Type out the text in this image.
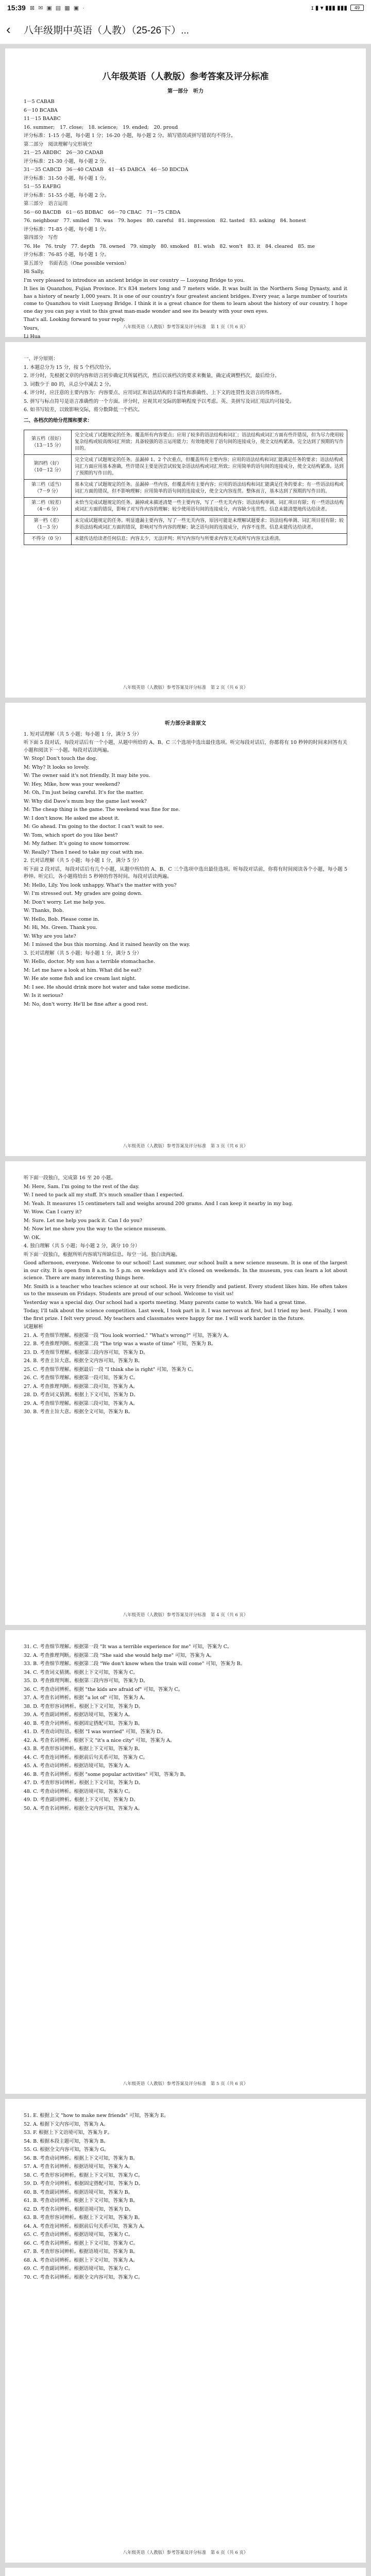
15:39 ⊠ ✉ ▣ ▤ ▦ ▣ ·	ɪ ▮ ▾ ▮▮▮ ▮▮▮	49
‹	八年级期中英语（人教）（25-26下）...
八年级英语（人教版）参考答案及评分标准
第一部分　听力

1－5 CABAB

6－10 BCABA

11－15 BAABC

16. summer;　17. close;　18. science;　19. ended;　20. proud

评分标准：1-15 小题，每小题 1 分；16-20 小题，每小题 2 分。填写错误或拼写错误均不得分。

第二部分　阅读理解与完形填空

21－25 ABDBC　26－30 CADAB

评分标准：21-30 小题，每小题 2 分。

31－35 CABCD　36－40 CADAB　41－45 DABCA　46－50 BDCDA

评分标准：31-50 小题，每小题 1 分。

51－55 EAFBG

评分标准：51-55 小题，每小题 2 分。

第三部分　语言运用

56－60 BACDB　61－65 BDBAC　66－70 CBAC　71－75 CBDA

76. neighbour　77. smiled　78. was　79. hopes　80. careful　81. impression　82. tasted　83. asking　84. honest

评分标准：71-85 小题，每小题 1 分。

第四部分　写作

76. He　76. truly　77. depth　78. owned　79. simply　80. smoked　81. wish　82. won't　83. it　84. cleared　85. me

评分标准：76-85 小题，每小题 1 分。

第五部分　书面表达（One possible version）

Hi Sally,

I'm very pleased to introduce an ancient bridge in our country — Luoyang Bridge to you.

It lies in Quanzhou, Fujian Province. It's 834 meters long and 7 meters wide. It was built in the Northern Song Dynasty, and it has a history of nearly 1,000 years. It is one of our country's four greatest ancient bridges. Every year, a large number of tourists come to Quanzhou to visit Luoyang Bridge. I think it is a great chance for them to learn about the history of our country. I hope one day you can pay a visit to this great man-made wonder and see its beauty with your own eyes.

That's all. Looking forward to your reply.

Yours,

Li Hua

八年级英语（人教版）参考答案及评分标准　第 1 页（共 6 页）

一、评分原则：

1. 本题总分为 15 分，按 5 个档次给分。

2. 评分时，先根据文章的内容和语言初步确定其所属档次，然后以该档次的要求来衡量，确定或调整档次，最后给分。

3. 词数少于 80 的，从总分中减去 2 分。

4. 评分时，应注意的主要内容为：内容要点、应用词汇和语法结构的丰富性和准确性、上下文的连贯性及语言的得体性。

5. 拼写与标点符号是语言准确性的一个方面。评分时，应视其对交际的影响程度予以考虑。英、美拼写及词汇用法均可接受。

6. 如书写较差，以致影响交际，将分数降低一个档次。

二、各档次的给分范围和要求：

第五档（很好）
（13－15 分）	完全完成了试题规定的任务。覆盖所有内容要点；应用了较多的语法结构和词汇；语法结构或词汇方面有些许错误，但为尽力使用较复杂结构或较高级词汇所致；具备较强的语言运用能力；有效地使用了语句间的连接成分，使全文结构紧凑。完全达到了预期的写作目的。
第四档（好）
（10－12 分）	完全完成了试题规定的任务。虽漏掉 1、2 个次重点，但覆盖所有主要内容；应用的语法结构和词汇能满足任务的要求；语法结构或词汇方面应用基本准确，些许错误主要是因尝试较复杂语法结构或词汇所致；应用简单的语句间的连接成分，使全文结构紧凑。达到了预期的写作目的。
第三档（适当）
（7－9 分）	基本完成了试题规定的任务。虽漏掉一些内容，但覆盖所有主要内容；应用的语法结构和词汇能满足任务的要求；有一些语法结构或词汇方面的错误，但不影响理解；应用简单的语句间的连接成分，使全文内容连贯。整体而言，基本达到了预期的写作目的。
第二档（较差）
（4－6 分）	未恰当完成试题规定的任务。漏掉或未描述清楚一些主要内容，写了一些无关内容；语法结构单调、词汇项目有限；有一些语法结构或词汇方面的错误，影响了对写作内容的理解；较少使用语句间的连接成分，内容缺少连贯性。信息未能清楚地传达给读者。
第一档（差）
（1－3 分）	未完成试题规定的任务。明显遗漏主要内容，写了一些无关内容，原因可能是未理解试题要求；语法结构单调、词汇项目很有限；较多语法结构或词汇方面的错误，影响对写作内容的理解；缺乏语句间的连接成分，内容不连贯。信息未能传达给读者。
不得分（0 分）	未能传达给读者任何信息；内容太少，无法评判；所写内容均与所要求内容无关或所写内容无法看清。
八年级英语（人教版）参考答案及评分标准　第 2 页（共 6 页）
听力部分录音原文

1. 短对话理解（共 5 小题；每小题 1 分，满分 5 分）

听下面 5 段对话，每段对话后有一个小题，从题中所给的 A、B、C 三个选项中选出最佳选项。听完每段对话后，你都将有 10 秒钟的时间来回答有关小题和阅读下一小题。每段对话读两遍。

W: Stop! Don't touch the dog.

M: Why? It looks so lovely.

W: The owner said it's not friendly. It may bite you.

W: Hey, Mike, how was your weekend?

M: Oh, I'm just being careful. It's for the matter.

W: Why did Dave's mum buy the game last week?

M: The cheap thing is the game. The weekend was fine for me.

W: I don't know. He asked me about it.

M: Go ahead. I'm going to the doctor. I can't wait to see.

W: Tom, which sport do you like best?

M: My father. It's going to snow tomorrow.

W: Really? Then I need to take my coat with me.

2. 长对话理解（共 5 小题；每小题 1 分，满分 5 分）

听下面 2 段对话，每段对话后有几个小题，从题中所给的 A、B、C 三个选项中选出最佳选项。听每段对话前，你将有时间阅读各个小题，每小题 5 秒钟。听完后，各小题将给出 5 秒钟的作答时间。每段对话读两遍。

M: Hello, Lily. You look unhappy. What's the matter with you?

W: I'm stressed out. My grades are going down.

M: Don't worry. Let me help you.

W: Thanks, Bob.

W: Hello, Bob. Please come in.

M: Hi, Ms. Green. Thank you.

W: Why are you late?

M: I missed the bus this morning. And it rained heavily on the way.

3. 长对话理解（共 5 小题；每小题 1 分，满分 5 分）

W: Hello, doctor. My son has a terrible stomachache.

M: Let me have a look at him. What did he eat?

W: He ate some fish and ice cream last night.

M: I see. He should drink more hot water and take some medicine.

W: Is it serious?

M: No, don't worry. He'll be fine after a good rest.

八年级英语（人教版）参考答案及评分标准　第 3 页（共 6 页）

听下面一段独白，完成第 16 至 20 小题。

M: Here, Sam. I'm going to the rest of the day.

W: I need to pack all my stuff. It's much smaller than I expected.

M: Yeah. It measures 15 centimeters tall and weighs around 200 grams. And I can keep it nearby in my bag.

W: Wow. Can I carry it?

M: Sure. Let me help you pack it. Can I do you?

M: Now let me show you the way to the science museum.

W: OK.

4. 独白理解（共 5 小题；每小题 2 分，满分 10 分）

听下面一段独白，根据所听内容填写所缺信息。每空一词。独白读两遍。

Good afternoon, everyone. Welcome to our school! Last summer, our school built a new science museum. It is one of the largest in our city. It is open from 8 a.m. to 5 p.m. on weekdays and it's closed on weekends. In the museum, you can learn a lot about science. There are many interesting things here.

Mr. Smith is a teacher who teaches science at our school. He is very friendly and patient. Every student likes him. He often takes us to the museum on Fridays. Students are proud of our school. Welcome to visit us!

Yesterday was a special day. Our school had a sports meeting. Many parents came to watch. We had a great time.

Today, I'll talk about the science competition. Last week, I took part in it. I was nervous at first, but I tried my best. Finally, I won the first prize. I felt very proud. My teachers and classmates were happy for me. I will work harder in the future.

试题解析

21. A. 考查细节理解。根据第一段 "You look worried." "What's wrong?" 可知，答案为 A。

22. B. 考查推理判断。根据第二段 "The trip was a waste of time" 可知，答案为 B。

23. D. 考查细节理解。根据第三段内容可知，答案为 D。

24. B. 考查主旨大意。根据全文内容可知，答案为 B。

25. C. 考查细节理解。根据最后一段 "I think she is right" 可知，答案为 C。

26. C. 考查细节理解。根据第一段可知，答案为 C。

27. A. 考查推理判断。根据第二段可知，答案为 A。

28. D. 考查词义猜测。根据上下文可知，答案为 D。

29. A. 考查细节理解。根据第三段可知，答案为 A。

30. B. 考查主旨大意。根据全文可知，答案为 B。

八年级英语（人教版）参考答案及评分标准　第 4 页（共 6 页）

31. C. 考查细节理解。根据第一段 "It was a terrible experience for me" 可知，答案为 C。

32. A. 考查推理判断。根据第二段 "She said she would help me" 可知，答案为 A。

33. B. 考查细节理解。根据第二段 "We don't know when the train will come" 可知，答案为 B。

34. C. 考查词义猜测。根据上下文可知，答案为 C。

35. D. 考查推理判断。根据第三段内容可知，答案为 D。

36. C. 考查动词辨析。根据 "the kids are afraid of" 可知，答案为 C。

37. A. 考查名词辨析。根据 "a lot of" 可知，答案为 A。

38. D. 考查形容词辨析。根据上下文可知，答案为 D。

39. A. 考查副词辨析。根据语境可知，答案为 A。

40. B. 考查介词辨析。根据固定搭配可知，答案为 B。

41. D. 考查动词短语。根据 "I was worried" 可知，答案为 D。

42. A. 考查名词辨析。根据下文 "it's a nice city" 可知，答案为 A。

43. B. 考查形容词辨析。根据上下文可知，答案为 B。

44. C. 考查连词辨析。根据前后句关系可知，答案为 C。

45. A. 考查动词辨析。根据语境可知，答案为 A。

46. B. 考查名词辨析。根据 "some popular activities" 可知，答案为 B。

47. D. 考查形容词辨析。根据上下文可知，答案为 D。

48. C. 考查动词辨析。根据语境可知，答案为 C。

49. D. 考查副词辨析。根据上下文可知，答案为 D。

50. A. 考查名词辨析。根据全文内容可知，答案为 A。

八年级英语（人教版）参考答案及评分标准　第 5 页（共 6 页）

51. E. 根据上文 "how to make new friends" 可知，答案为 E。

52. A. 根据下文内容可知，答案为 A。

53. F. 根据上下文语境可知，答案为 F。

54. B. 根据本段主题可知，答案为 B。

55. G. 根据全文内容可知，答案为 G。

56. B. 考查动词辨析。根据上下文可知，答案为 B。

57. A. 考查名词辨析。根据语境可知，答案为 A。

58. C. 考查形容词辨析。根据上下文可知，答案为 C。

59. D. 考查介词辨析。根据固定搭配可知，答案为 D。

60. B. 考查副词辨析。根据语境可知，答案为 B。

61. B. 考查动词辨析。根据上下文可知，答案为 B。

62. D. 考查名词辨析。根据语境可知，答案为 D。

63. B. 考查形容词辨析。根据上下文可知，答案为 B。

64. A. 考查连词辨析。根据前后句关系可知，答案为 A。

65. C. 考查动词辨析。根据语境可知，答案为 C。

66. C. 考查名词辨析。根据上下文可知，答案为 C。

67. B. 考查形容词辨析。根据语境可知，答案为 B。

68. A. 考查动词辨析。根据上下文可知，答案为 A。

69. C. 考查副词辨析。根据语境可知，答案为 C。

70. C. 考查名词辨析。根据全文内容可知，答案为 C。

八年级英语（人教版）参考答案及评分标准　第 6 页（共 6 页）
